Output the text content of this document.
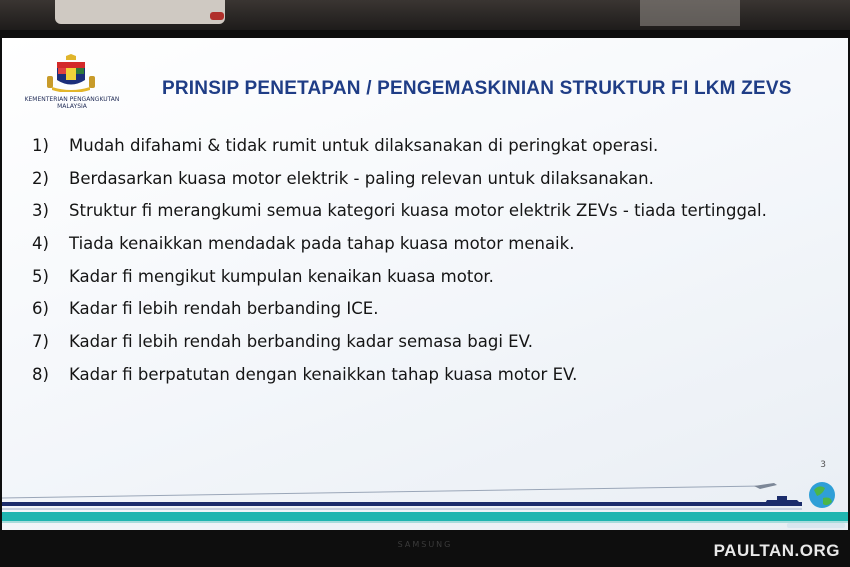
SAMSUNG
KEMENTERIAN PENGANGKUTAN
MALAYSIA
PRINSIP PENETAPAN / PENGEMASKINIAN STRUKTUR FI LKM ZEVS
1)	Mudah difahami & tidak rumit untuk dilaksanakan di peringkat operasi.
2)	Berdasarkan kuasa motor elektrik - paling relevan untuk dilaksanakan.
3)	Struktur fi merangkumi semua kategori kuasa motor elektrik ZEVs - tiada tertinggal.
4)	Tiada kenaikkan mendadak pada tahap kuasa motor menaik.
5)	Kadar fi mengikut kumpulan kenaikan kuasa motor.
6)	Kadar fi lebih rendah berbanding ICE.
7)	Kadar fi lebih rendah berbanding kadar semasa bagi EV.
8)	Kadar fi berpatutan dengan kenaikkan tahap kuasa motor EV.
3
PAULTAN.ORG
